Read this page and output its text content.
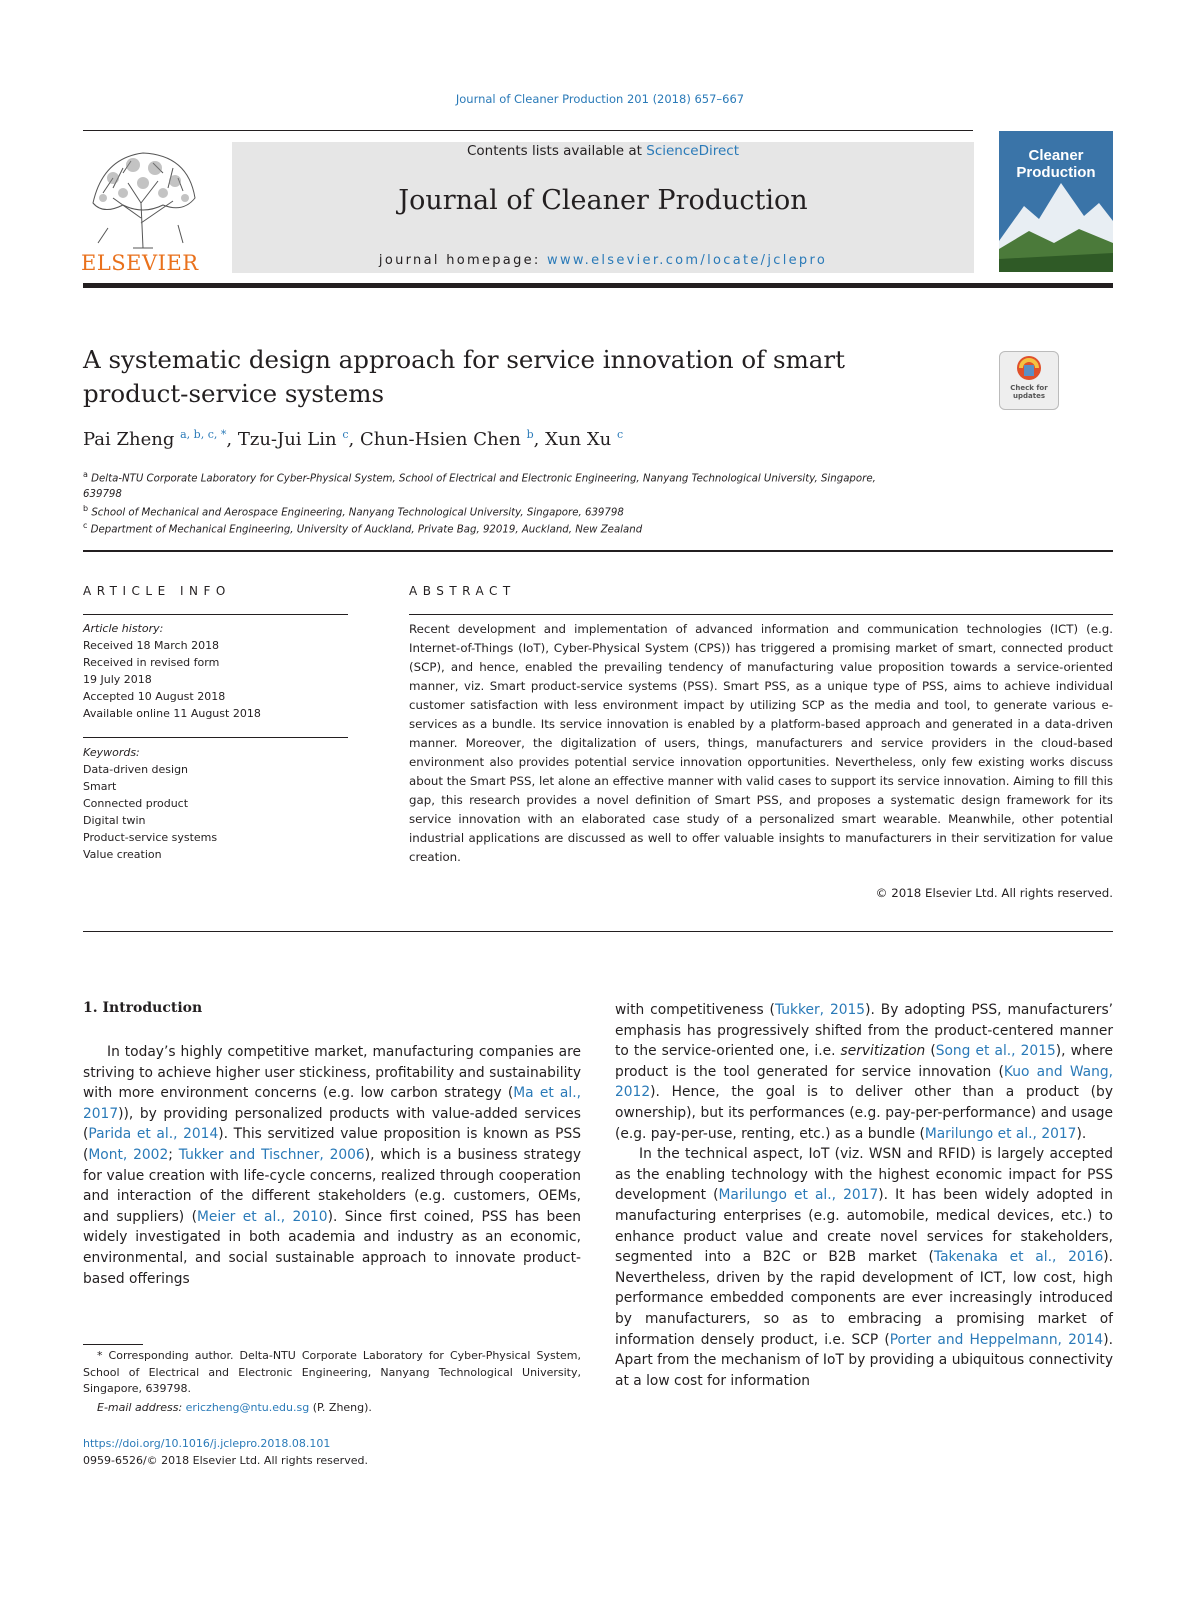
Journal of Cleaner Production 201 (2018) 657–667
ELSEVIER
Contents lists available at ScienceDirect
Journal of Cleaner Production
journal homepage: www.elsevier.com/locate/jclepro
Cleaner
Production
A systematic design approach for service innovation of smart
product-service systems	Check for updates
Pai Zheng $^{a, b, c, *}$, Tzu-Jui Lin $^c$, Chun-Hsien Chen $^b$, Xun Xu $^c$
$^a$ Delta-NTU Corporate Laboratory for Cyber-Physical System, School of Electrical and Electronic Engineering, Nanyang Technological University, Singapore,
639798
$^b$ School of Mechanical and Aerospace Engineering, Nanyang Technological University, Singapore, 639798
$^c$ Department of Mechanical Engineering, University of Auckland, Private Bag, 92019, Auckland, New Zealand
ARTICLE INFO
Article history:
Received 18 March 2018
Received in revised form
19 July 2018
Accepted 10 August 2018
Available online 11 August 2018
Keywords:
Data-driven design
Smart
Connected product
Digital twin
Product-service systems
Value creation
ABSTRACT
Recent development and implementation of advanced information and communication technologies (ICT) (e.g. Internet-of-Things (IoT), Cyber-Physical System (CPS)) has triggered a promising market of smart, connected product (SCP), and hence, enabled the prevailing tendency of manufacturing value proposition towards a service-oriented manner, viz. Smart product-service systems (PSS). Smart PSS, as a unique type of PSS, aims to achieve individual customer satisfaction with less environment impact by utilizing SCP as the media and tool, to generate various e-services as a bundle. Its service innovation is enabled by a platform-based approach and generated in a data-driven manner. Moreover, the digitalization of users, things, manufacturers and service providers in the cloud-based environment also provides potential service innovation opportunities. Nevertheless, only few existing works discuss about the Smart PSS, let alone an effective manner with valid cases to support its service innovation. Aiming to fill this gap, this research provides a novel definition of Smart PSS, and proposes a systematic design framework for its service innovation with an elaborated case study of a personalized smart wearable. Meanwhile, other potential industrial applications are discussed as well to offer valuable insights to manufacturers in their servitization for value creation.
© 2018 Elsevier Ltd. All rights reserved.
1. Introduction

In today’s highly competitive market, manufacturing companies are striving to achieve higher user stickiness, profitability and sustainability with more environment concerns (e.g. low carbon strategy (Ma et al., 2017)), by providing personalized products with value-added services (Parida et al., 2014). This servitized value proposition is known as PSS (Mont, 2002; Tukker and Tischner, 2006), which is a business strategy for value creation with life-cycle concerns, realized through cooperation and interaction of the different stakeholders (e.g. customers, OEMs, and suppliers) (Meier et al., 2010). Since first coined, PSS has been widely investigated in both academia and industry as an economic, environmental, and social sustainable approach to innovate product-based offerings

with competitiveness (Tukker, 2015). By adopting PSS, manufacturers’ emphasis has progressively shifted from the product-centered manner to the service-oriented one, i.e. servitization (Song et al., 2015), where product is the tool generated for service innovation (Kuo and Wang, 2012). Hence, the goal is to deliver other than a product (by ownership), but its performances (e.g. pay-per-performance) and usage (e.g. pay-per-use, renting, etc.) as a bundle (Marilungo et al., 2017).

In the technical aspect, IoT (viz. WSN and RFID) is largely accepted as the enabling technology with the highest economic impact for PSS development (Marilungo et al., 2017). It has been widely adopted in manufacturing enterprises (e.g. automobile, medical devices, etc.) to enhance product value and create novel services for stakeholders, segmented into a B2C or B2B market (Takenaka et al., 2016). Nevertheless, driven by the rapid development of ICT, low cost, high performance embedded components are ever increasingly introduced by manufacturers, so as to embracing a promising market of information densely product, i.e. SCP (Porter and Heppelmann, 2014). Apart from the mechanism of IoT by providing a ubiquitous connectivity at a low cost for information

* Corresponding author. Delta-NTU Corporate Laboratory for Cyber-Physical System, School of Electrical and Electronic Engineering, Nanyang Technological University, Singapore, 639798.
E-mail address: ericzheng@ntu.edu.sg (P. Zheng).
https://doi.org/10.1016/j.jclepro.2018.08.101
0959-6526/© 2018 Elsevier Ltd. All rights reserved.
